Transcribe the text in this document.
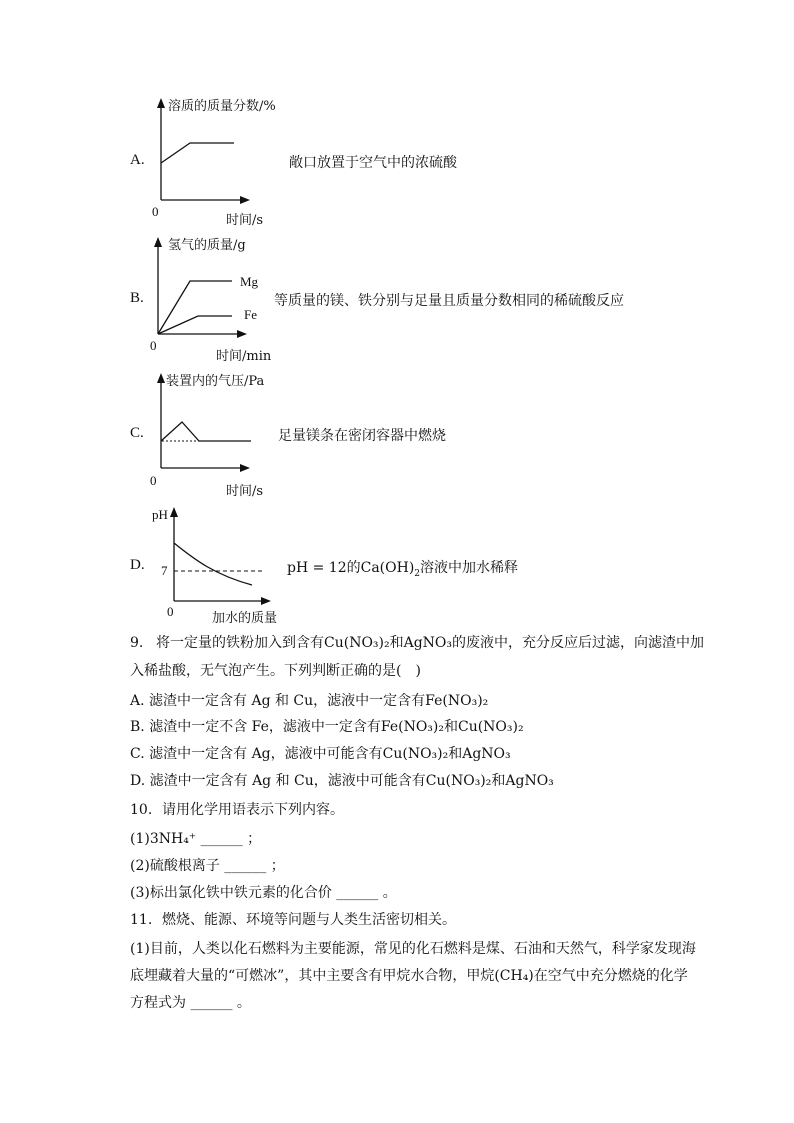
A.
溶质的质量分数/%
0
时间/s
敞口放置于空气中的浓硫酸
B.
氢气的质量/g
Mg
Fe
0
时间/min
等质量的镁、铁分别与足量且质量分数相同的稀硫酸反应
C.
装置内的气压/Pa
0
时间/s
足量镁条在密闭容器中燃烧
D.
pH
7
0	加水的质量
pH = 12的$Ca(OH)_2$溶液中加水稀释
9. 将一定量的铁粉加入到含有Cu(NO₃)₂和AgNO₃的废液中，充分反应后过滤，向滤渣中加
入稀盐酸，无气泡产生。下列判断正确的是(　)
A. 滤渣中一定含有 Ag 和 Cu，滤液中一定含有Fe(NO₃)₂
B. 滤渣中一定不含 Fe，滤液中一定含有Fe(NO₃)₂和Cu(NO₃)₂
C. 滤渣中一定含有 Ag，滤液中可能含有Cu(NO₃)₂和AgNO₃
D. 滤渣中一定含有 Ag 和 Cu，滤液中可能含有Cu(NO₃)₂和AgNO₃
10. 请用化学用语表示下列内容。
(1)3NH₄⁺ ______ ；
(2)硫酸根离子 ______ ；
(3)标出氯化铁中铁元素的化合价 ______ 。
11. 燃烧、能源、环境等问题与人类生活密切相关。
(1)目前，人类以化石燃料为主要能源，常见的化石燃料是煤、石油和天然气，科学家发现海
底埋藏着大量的“可燃冰”，其中主要含有甲烷水合物，甲烷(CH₄)在空气中充分燃烧的化学
方程式为 ______ 。
